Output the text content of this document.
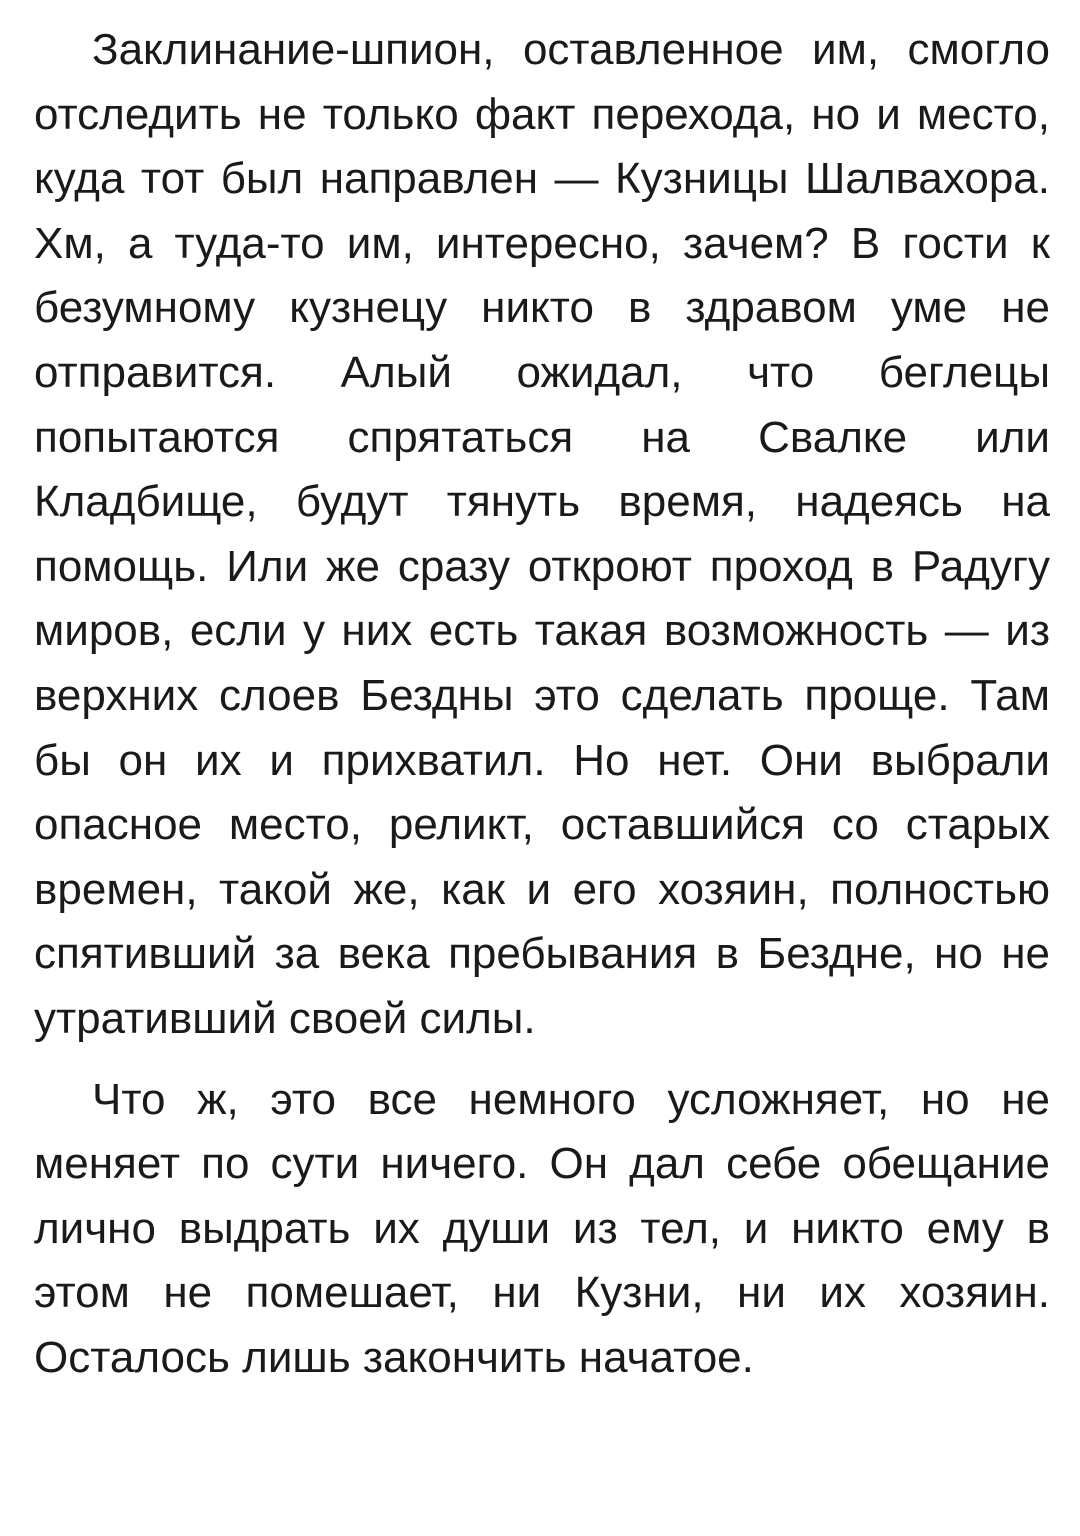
Заклинание-шпион, оставленное им, смогло отследить не только факт перехода, но и место, куда тот был направлен — Кузницы Шалвахора. Хм, а туда-то им, интересно, зачем? В гости к безумному кузнецу никто в здравом уме не отправится. Алый ожидал, что беглецы попытаются спрятаться на Свалке или Кладбище, будут тянуть время, надеясь на помощь. Или же сразу откроют проход в Радугу миров, если у них есть такая возможность — из верхних слоев Бездны это сделать проще. Там бы он их и прихватил. Но нет. Они выбрали опасное место, реликт, оставшийся со старых времен, такой же, как и его хозяин, полностью спятивший за века пребывания в Бездне, но не утративший своей силы.

Что ж, это все немного усложняет, но не меняет по сути ничего. Он дал себе обещание лично выдрать их души из тел, и никто ему в этом не помешает, ни Кузни, ни их хозяин. Осталось лишь закончить начатое.
